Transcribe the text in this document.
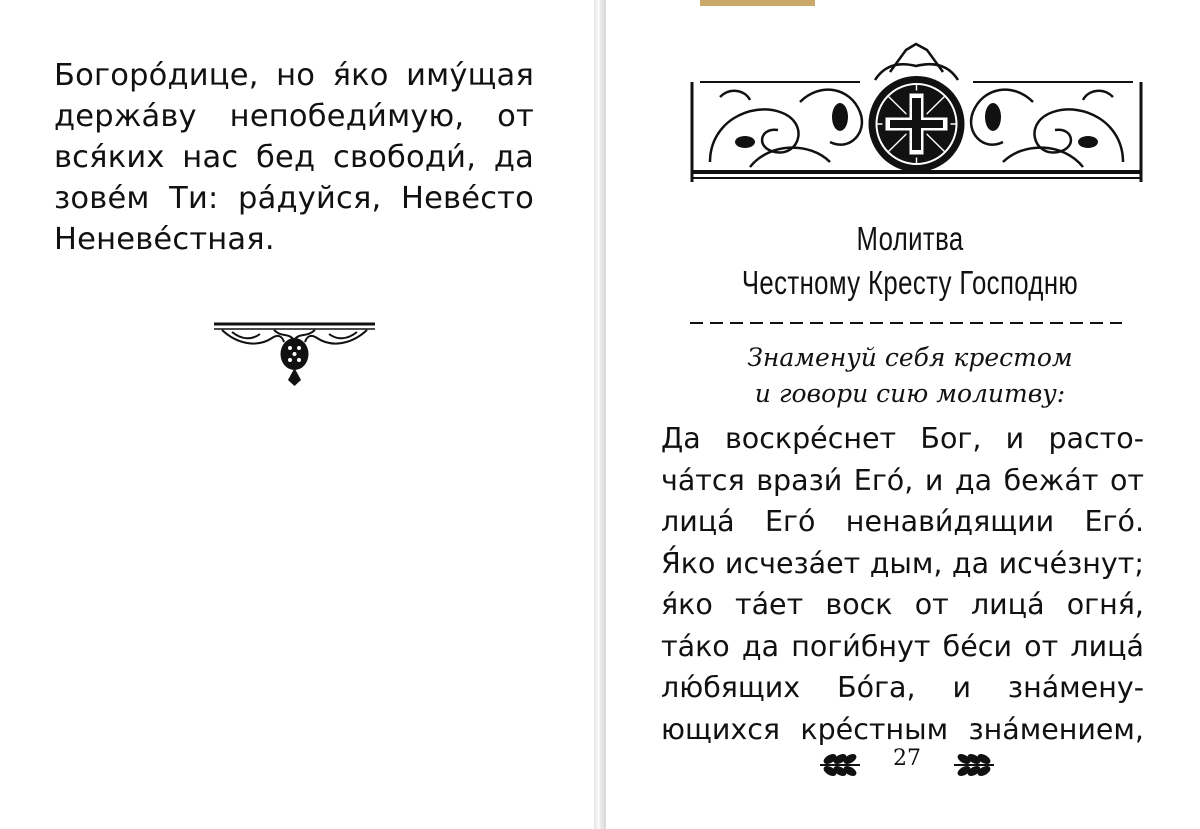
Богоро́дице, но я́ко иму́щая
держа́ву непобеди́мую, от
вся́ких нас бед свободи́, да
зове́м Ти: ра́дуйся, Неве́сто
Неневе́стная.	Молитва
Честному Кресту Господню
Знаменуй себя крестом
и говори сию молитву:
Да воскре́снет Бог, и расто-
ча́тся врази́ Его́, и да бежа́т от
лица́ Его́ ненави́дящии Его́.
Я́ко исчеза́ет дым, да исче́знут;
я́ко та́ет воск от лица́ огня́,
та́ко да поги́бнут бе́си от лица́
лю́бящих Бо́га, и зна́мену-
ющихся кре́стным зна́мением,
27
